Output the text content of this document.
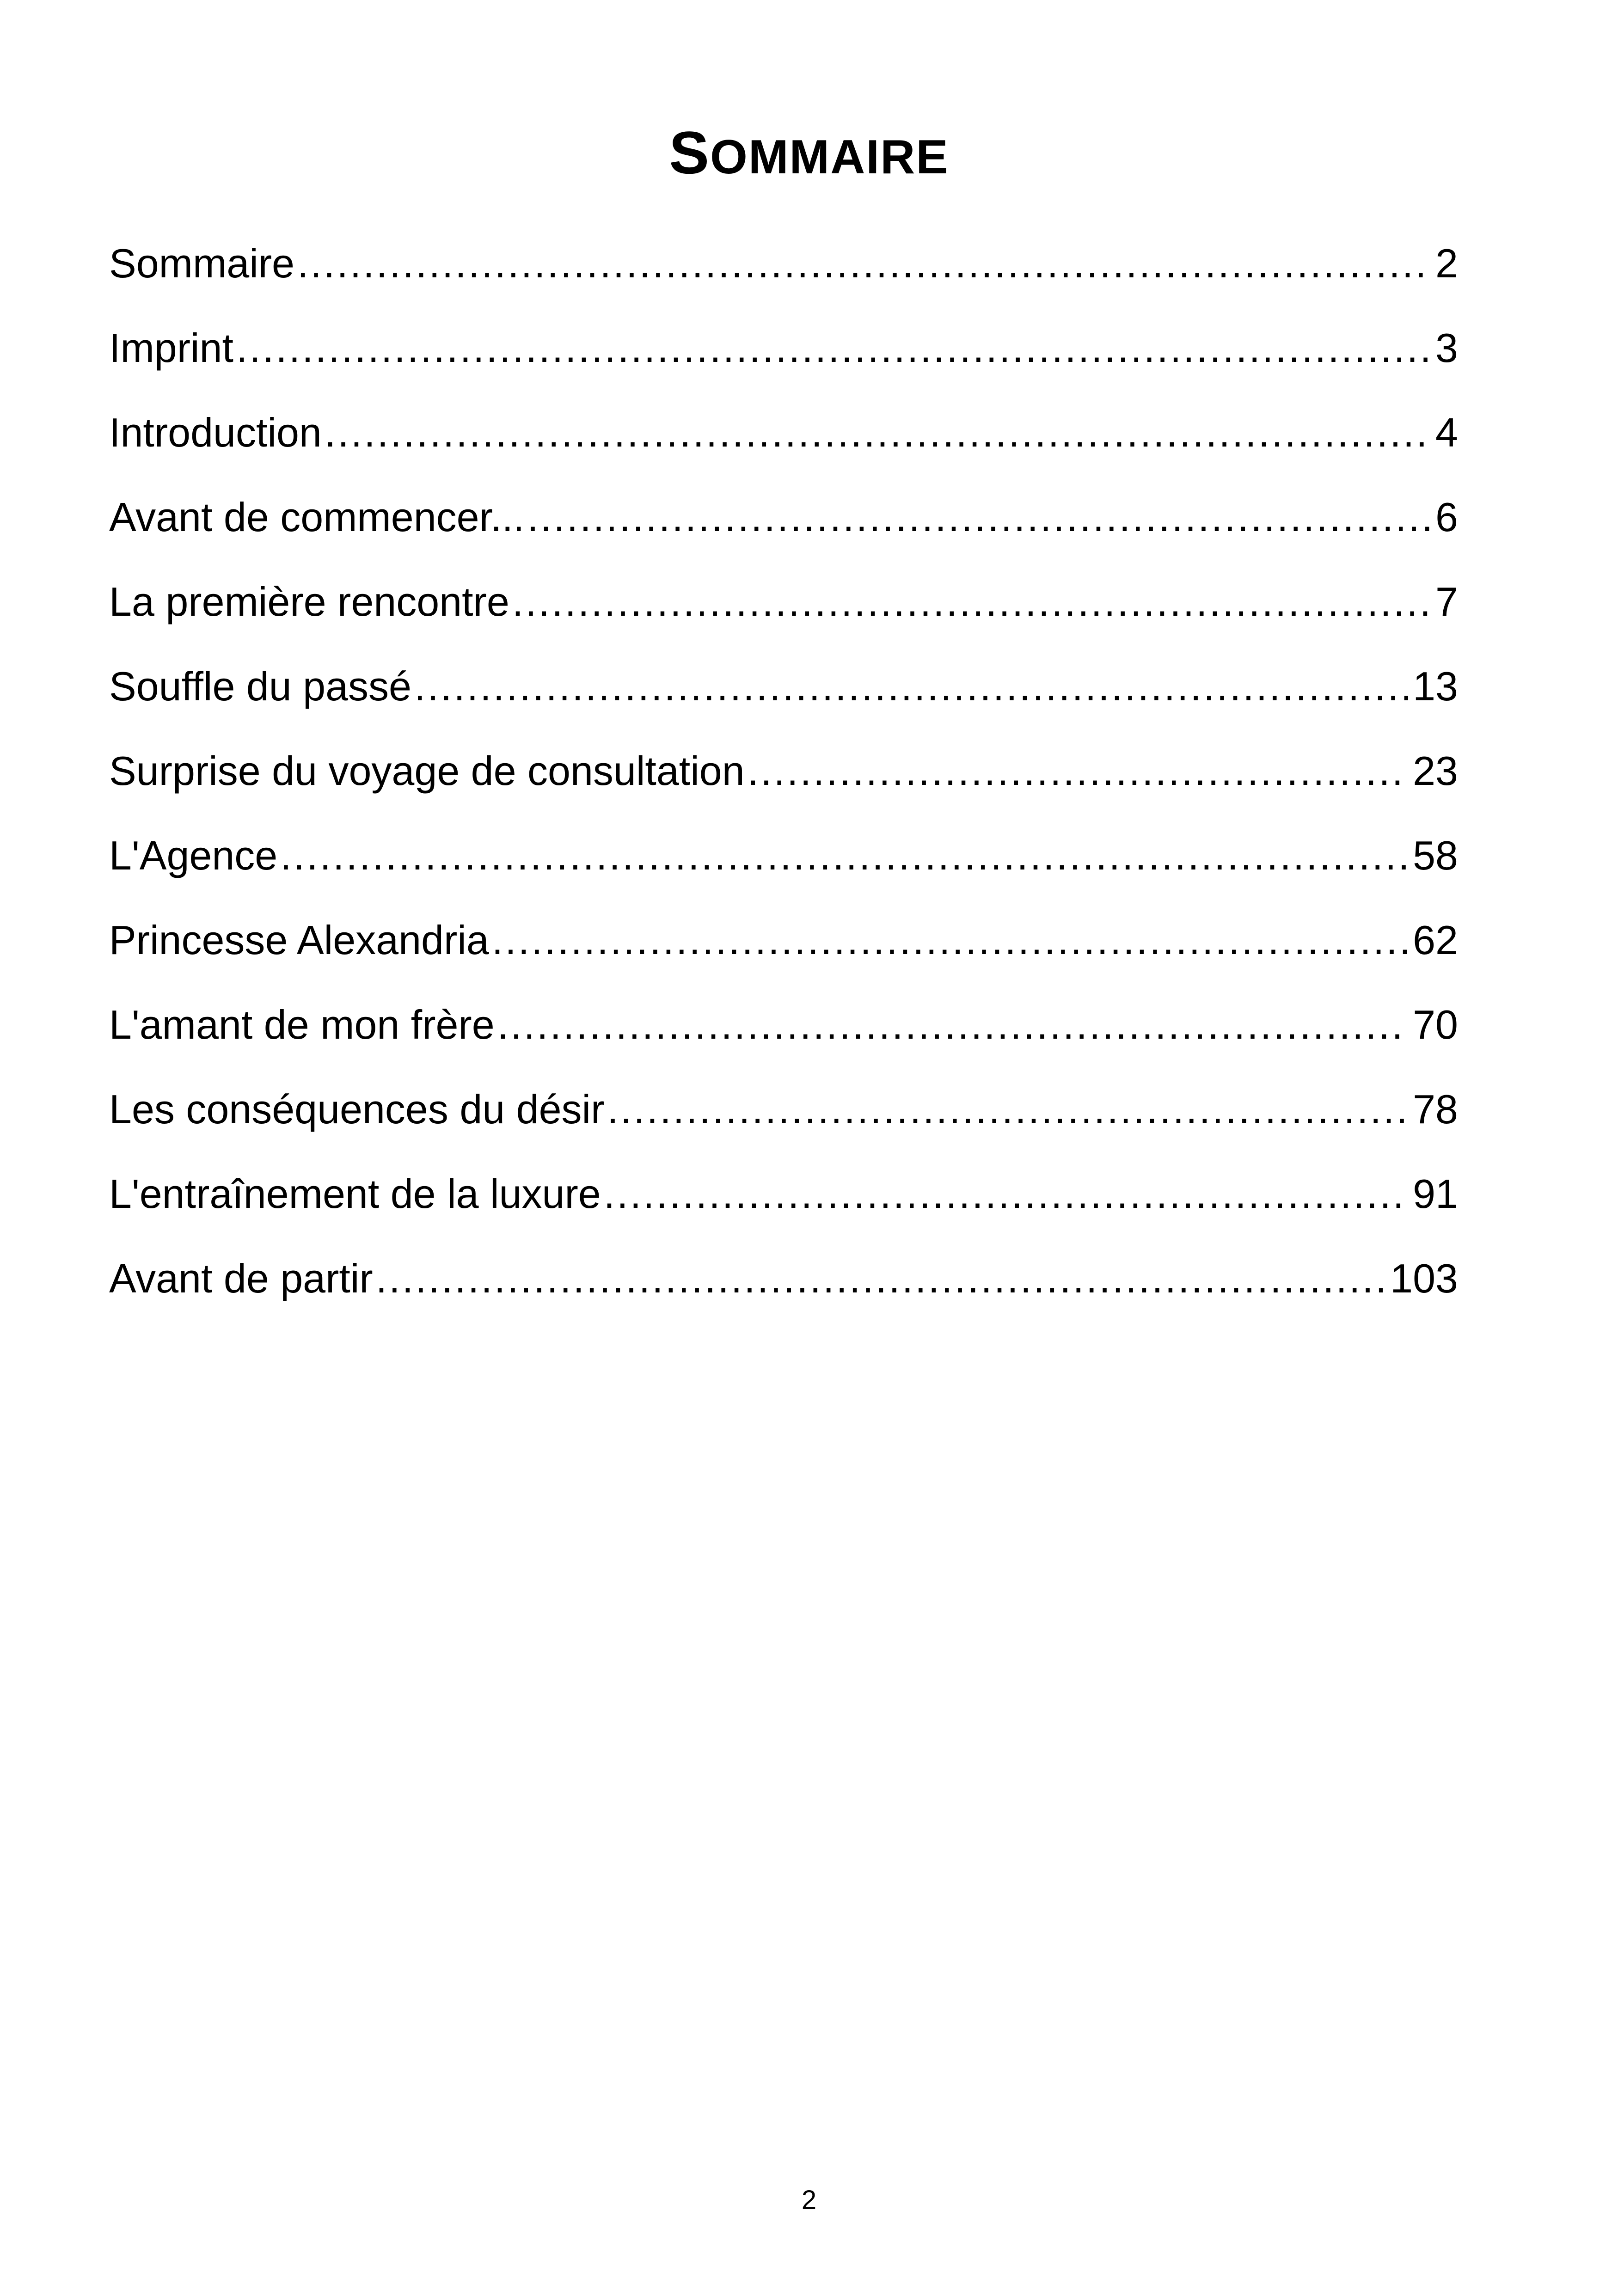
SOMMAIRE
Sommaire .....	2
Imprint .....	3
Introduction .....	4
Avant de commencer... .....	6
La première rencontre .....	7
Souffle du passé .....	13
Surprise du voyage de consultation .....	23
L'Agence .....	58
Princesse Alexandria .....	62
L'amant de mon frère .....	70
Les conséquences du désir .....	78
L'entraînement de la luxure .....	91
Avant de partir .....	103
2
